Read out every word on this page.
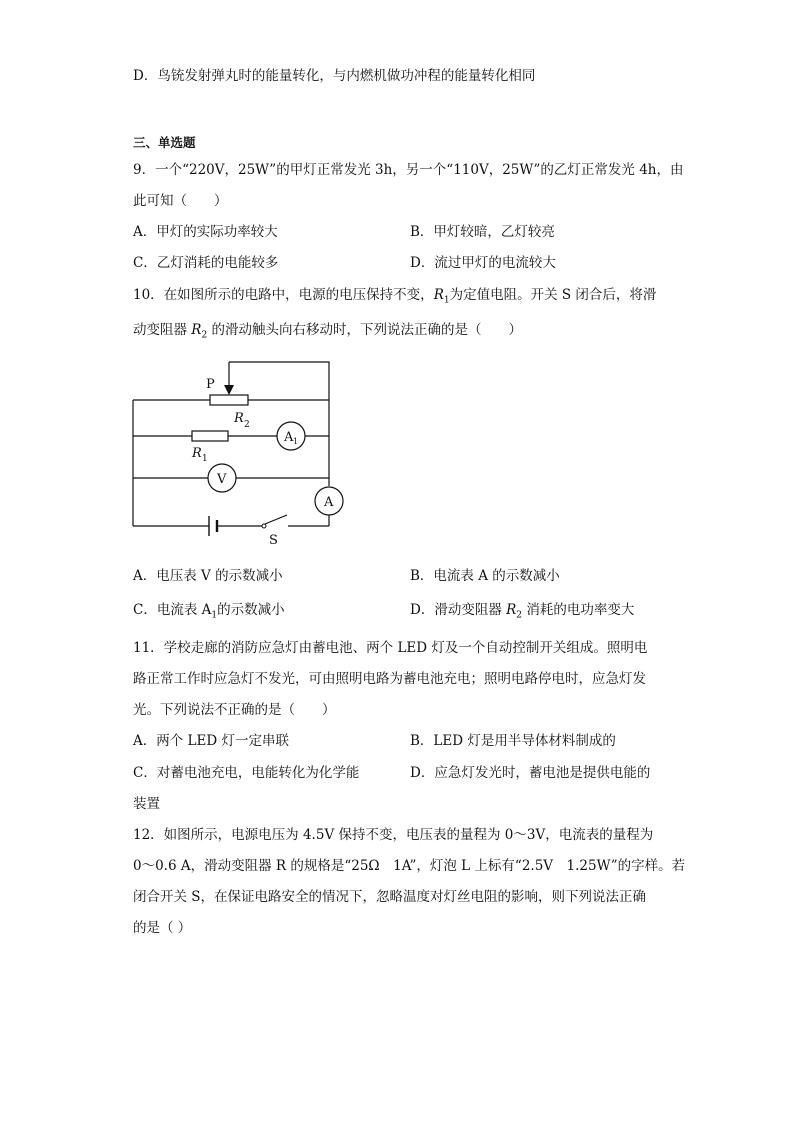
D．鸟铳发射弹丸时的能量转化，与内燃机做功冲程的能量转化相同
三、单选题
9．一个“220V，25W”的甲灯正常发光 3h，另一个“110V，25W”的乙灯正常发光 4h，由
此可知（　　）
A．甲灯的实际功率较大	B．甲灯较暗，乙灯较亮
C．乙灯消耗的电能较多	D．流过甲灯的电流较大
10．在如图所示的电路中，电源的电压保持不变，$R_1$为定值电阻。开关 S 闭合后，将滑
动变阻器 $R_2$ 的滑动触头向右移动时，下列说法正确的是（　　）
P
R 2
A 1
R 1
V
A
S
A．电压表 V 的示数减小	B．电流表 A 的示数减小
C．电流表 $A_1$的示数减小	D．滑动变阻器 $R_2$ 消耗的电功率变大
11．学校走廊的消防应急灯由蓄电池、两个 LED 灯及一个自动控制开关组成。照明电
路正常工作时应急灯不发光，可由照明电路为蓄电池充电；照明电路停电时，应急灯发
光。下列说法不正确的是（　　）
A．两个 LED 灯一定串联	B．LED 灯是用半导体材料制成的
C．对蓄电池充电，电能转化为化学能	D．应急灯发光时，蓄电池是提供电能的
装置
12．如图所示，电源电压为 4.5V 保持不变，电压表的量程为 0～3V，电流表的量程为
0～0.6 A，滑动变阻器 R 的规格是“25Ω　1A”，灯泡 L 上标有“2.5V　1.25W”的字样。若
闭合开关 S，在保证电路安全的情况下，忽略温度对灯丝电阻的影响，则下列说法正确
的是（ ）
